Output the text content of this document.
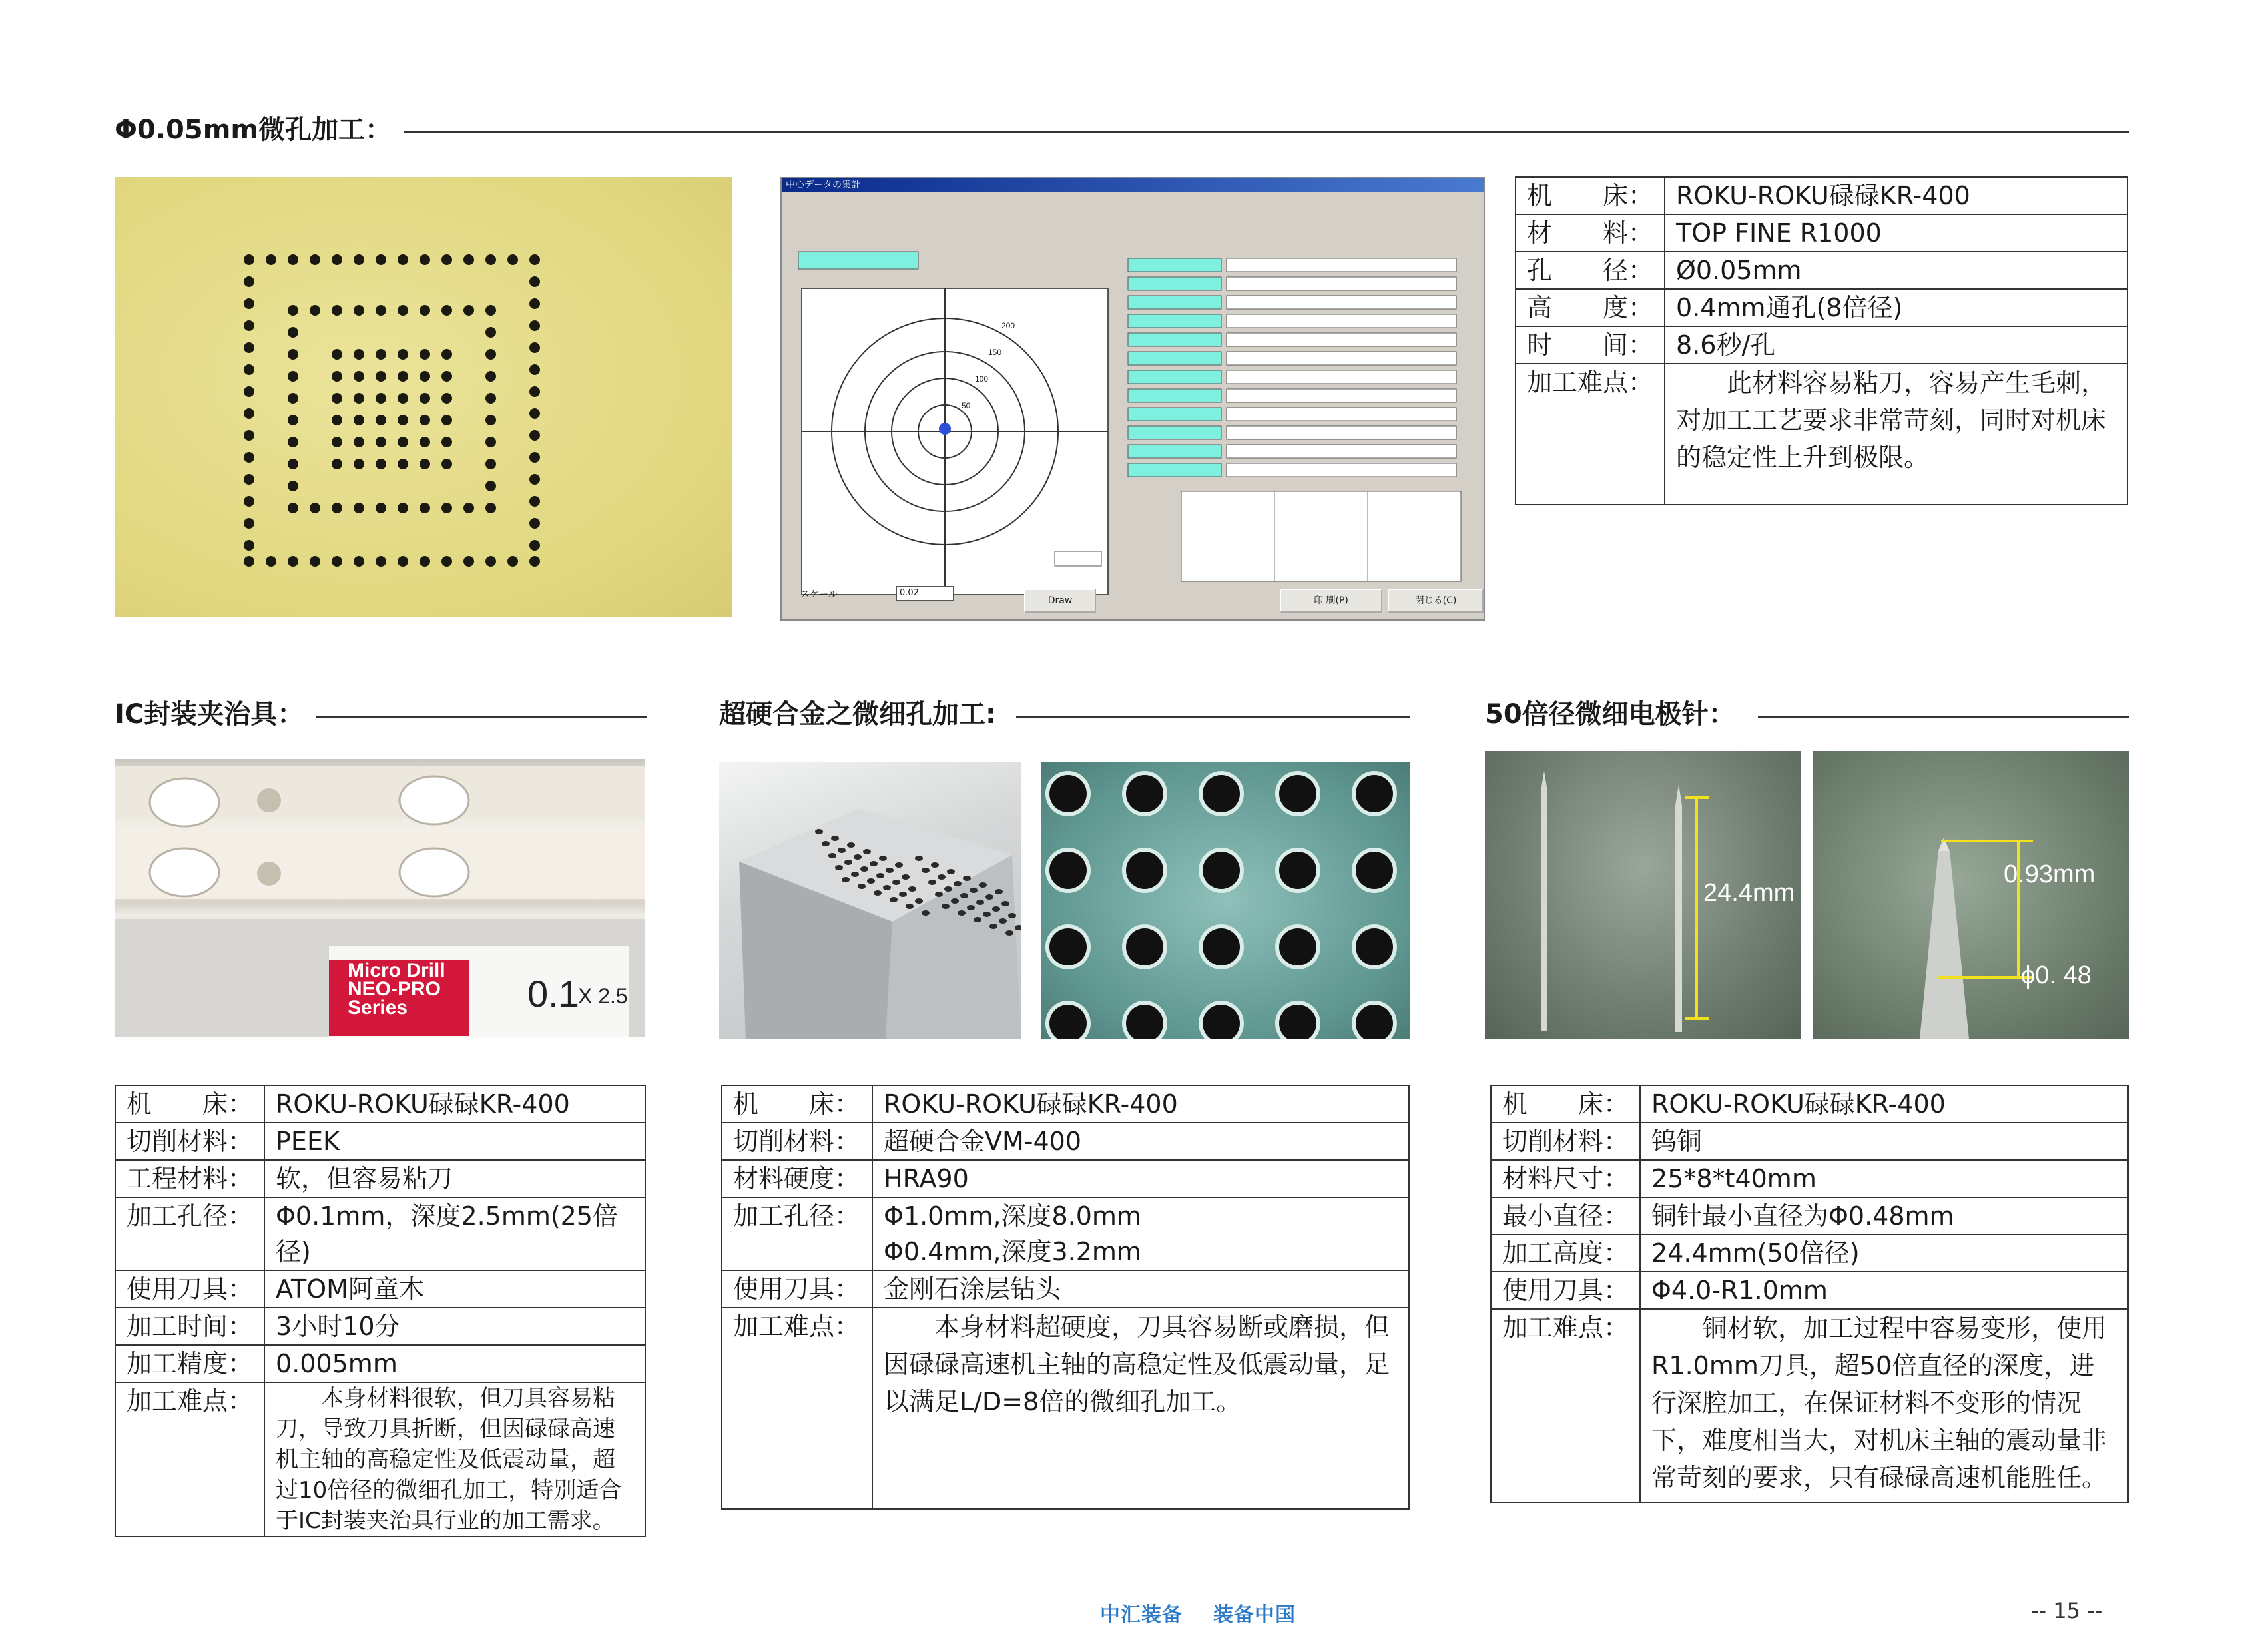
Φ0.05mm微孔加工：
中心データの集計
50
100
150
200
スケール	0.02
Draw	印 刷(P)	閉じる(C)
机　　床：	ROKU-ROKU碌碌KR-400
材　　料：	TOP FINE R1000
孔　　径：	Ø0.05mm
高　　度：	0.4mm通孔(8倍径)
时　　间：	8.6秒/孔
加工难点：	此材料容易粘刀，容易产生毛刺，对加工工艺要求非常苛刻，同时对机床的稳定性上升到极限。
IC封装夹治具：
Micro Drill
NEO-PRO
Series	0.1
X 2.5
机　　床：	ROKU-ROKU碌碌KR-400
切削材料：	PEEK
工程材料：	软，但容易粘刀
加工孔径：	Φ0.1mm，深度2.5mm(25倍径)
使用刀具：	ATOM阿童木
加工时间：	3小时10分
加工精度：	0.005mm
加工难点：	本身材料很软，但刀具容易粘刀，导致刀具折断，但因碌碌高速机主轴的高稳定性及低震动量，超过10倍径的微细孔加工，特别适合于IC封装夹治具行业的加工需求。
超硬合金之微细孔加工:
机　　床：	ROKU-ROKU碌碌KR-400
切削材料：	超硬合金VM-400
材料硬度：	HRA90
加工孔径：	Φ1.0mm,深度8.0mm
	Φ0.4mm,深度3.2mm
使用刀具：	金刚石涂层钻头
加工难点：	本身材料超硬度，刀具容易断或磨损，但因碌碌高速机主轴的高稳定性及低震动量，足以满足L/D=8倍的微细孔加工。
50倍径微细电极针：
24.4mm
0.93mm
ϕ0. 48
机　　床：	ROKU-ROKU碌碌KR-400
切削材料：	钨铜
材料尺寸：	25*8*t40mm
最小直径：	铜针最小直径为Φ0.48mm
加工高度：	24.4mm(50倍径)
使用刀具：	Φ4.0-R1.0mm
加工难点：	铜材软，加工过程中容易变形，使用R1.0mm刀具，超50倍直径的深度，进行深腔加工，在保证材料不变形的情况下，难度相当大，对机床主轴的震动量非常苛刻的要求，只有碌碌高速机能胜任。
中汇装备 装备中国	-- 15 --
